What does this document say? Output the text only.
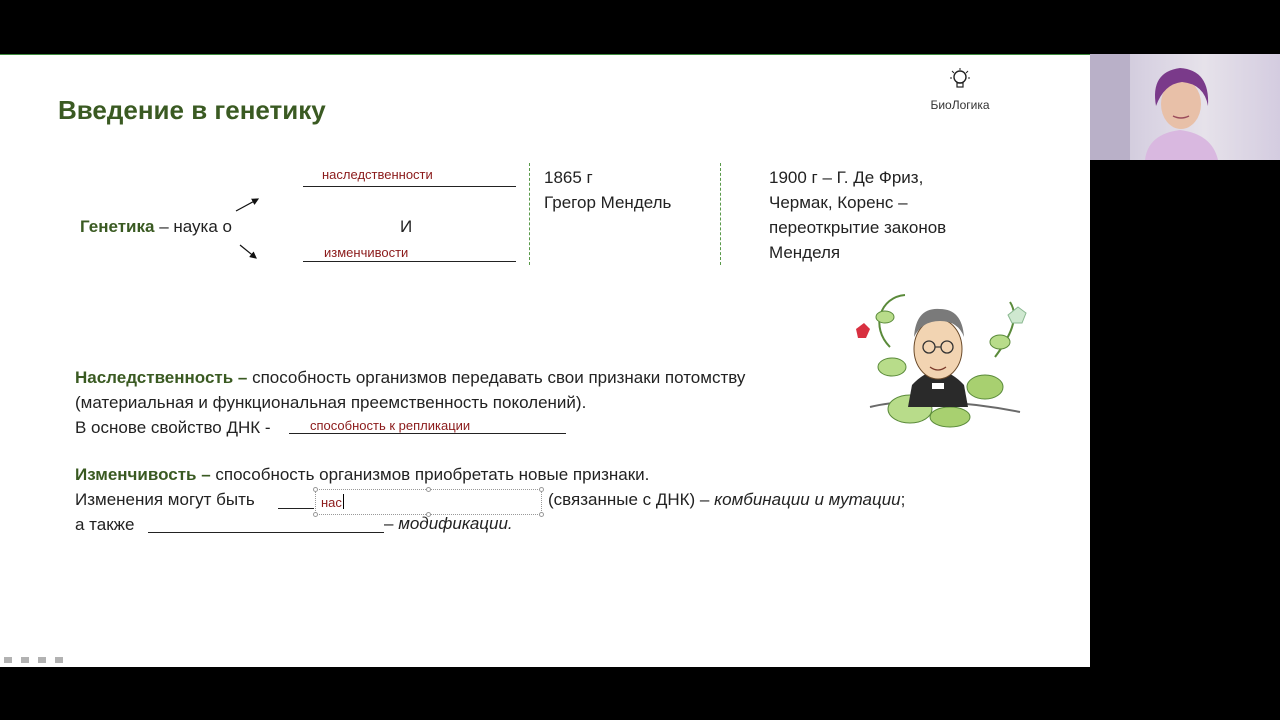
Введение в генетику	БиоЛогика
Генетика – наука о
наследственности
И
изменчивости
1865 г
Грегор Мендель
1900 г – Г. Де Фриз,
Чермак, Коренс –
переоткрытие законов
Менделя
Наследственность – способность организмов передавать свои признаки потомству
(материальная и функциональная преемственность поколений).
В основе свойство ДНК -	способность к репликации
Изменчивость – способность организмов приобретать новые признаки.
Изменения могут быть
а также
нас	(связанные с ДНК) – комбинации и мутации;
– модификации.
